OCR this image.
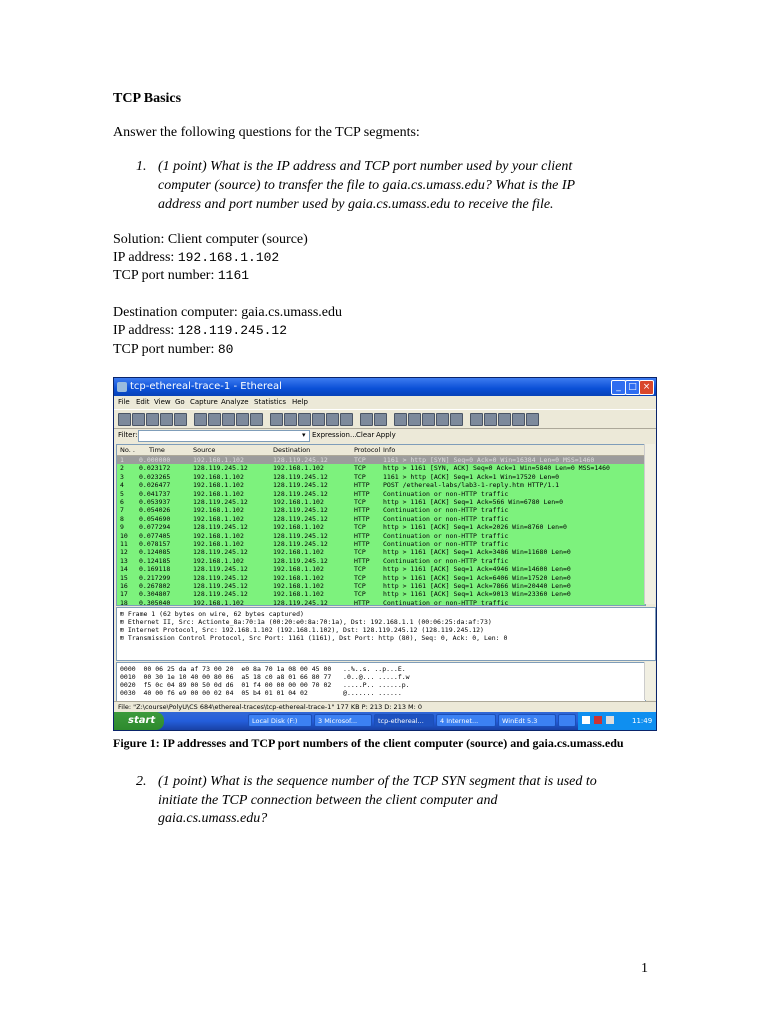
TCP Basics
Answer the following questions for the TCP segments:
1. (1 point) What is the IP address and TCP port number used by your client
computer (source) to transfer the file to gaia.cs.umass.edu? What is the IP
address and port number used by gaia.cs.umass.edu to receive the file.
Solution: Client computer (source)
IP address: 192.168.1.102
TCP port number: 1161
Destination computer: gaia.cs.umass.edu
IP address: 128.119.245.12
TCP port number: 80
tcp-ethereal-trace-1 - Ethereal	_ □ ×
File Edit View Go Capture Analyze Statistics Help
Filter:	▾ Expression... Clear Apply
No. . Time	Source	Destination	Protocol Info
1 0.000000	192.168.1.102	128.119.245.12	TCP	1161 > http [SYN] Seq=0 Ack=0 Win=16384 Len=0 MSS=1460
2 0.023172	128.119.245.12	192.168.1.102	TCP	http > 1161 [SYN, ACK] Seq=0 Ack=1 Win=5840 Len=0 MSS=1460
3 0.023265	192.168.1.102	128.119.245.12	TCP	1161 > http [ACK] Seq=1 Ack=1 Win=17520 Len=0
4 0.026477	192.168.1.102	128.119.245.12	HTTP POST /ethereal-labs/lab3-1-reply.htm HTTP/1.1
5 0.041737	192.168.1.102	128.119.245.12	HTTP Continuation or non-HTTP traffic
6 0.053937	128.119.245.12	192.168.1.102	TCP	http > 1161 [ACK] Seq=1 Ack=566 Win=6780 Len=0
7 0.054026	192.168.1.102	128.119.245.12	HTTP Continuation or non-HTTP traffic
8 0.054690	192.168.1.102	128.119.245.12	HTTP Continuation or non-HTTP traffic
9 0.077294	128.119.245.12	192.168.1.102	TCP	http > 1161 [ACK] Seq=1 Ack=2026 Win=8760 Len=0
10 0.077405	192.168.1.102	128.119.245.12	HTTP Continuation or non-HTTP traffic
11 0.078157	192.168.1.102	128.119.245.12	HTTP Continuation or non-HTTP traffic
12 0.124085	128.119.245.12	192.168.1.102	TCP	http > 1161 [ACK] Seq=1 Ack=3486 Win=11680 Len=0
13 0.124185	192.168.1.102	128.119.245.12	HTTP Continuation or non-HTTP traffic
14 0.169118	128.119.245.12	192.168.1.102	TCP	http > 1161 [ACK] Seq=1 Ack=4946 Win=14600 Len=0
15 0.217299	128.119.245.12	192.168.1.102	TCP	http > 1161 [ACK] Seq=1 Ack=6406 Win=17520 Len=0
16 0.267802	128.119.245.12	192.168.1.102	TCP	http > 1161 [ACK] Seq=1 Ack=7866 Win=20440 Len=0
17 0.304807	128.119.245.12	192.168.1.102	TCP	http > 1161 [ACK] Seq=1 Ack=9013 Win=23360 Len=0
18 0.305040	192.168.1.102	128.119.245.12	HTTP Continuation or non-HTTP traffic
⊞ Frame 1 (62 bytes on wire, 62 bytes captured)
⊞ Ethernet II, Src: Actionte_8a:70:1a (00:20:e0:8a:70:1a), Dst: 192.168.1.1 (00:06:25:da:af:73)
⊞ Internet Protocol, Src: 192.168.1.102 (192.168.1.102), Dst: 128.119.245.12 (128.119.245.12)
⊞ Transmission Control Protocol, Src Port: 1161 (1161), Dst Port: http (80), Seq: 0, Ack: 0, Len: 0
0000  00 06 25 da af 73 00 20  e0 8a 70 1a 08 00 45 00   ..%..s. ..p...E.
0010  00 30 1e 10 40 00 80 06  a5 18 c0 a8 01 66 80 77   .0..@... .....f.w
0020  f5 0c 04 89 00 50 0d d6  01 f4 00 00 00 00 70 02   .....P.. ......p.
0030  40 00 f6 e9 00 00 02 04  05 b4 01 01 04 02         @....... ......
File: "Z:\course\PolyU\CS 684\ethereal-traces\tcp-ethereal-trace-1" 177 KB P: 213 D: 213 M: 0
start	Local Disk (F:)	3 Microsof...	tcp-ethereal...	4 Internet...	WinEdt 5.3	11:49
Figure 1: IP addresses and TCP port numbers of the client computer (source) and gaia.cs.umass.edu
2. (1 point) What is the sequence number of the TCP SYN segment that is used to
initiate the TCP connection between the client computer and
gaia.cs.umass.edu?
1
